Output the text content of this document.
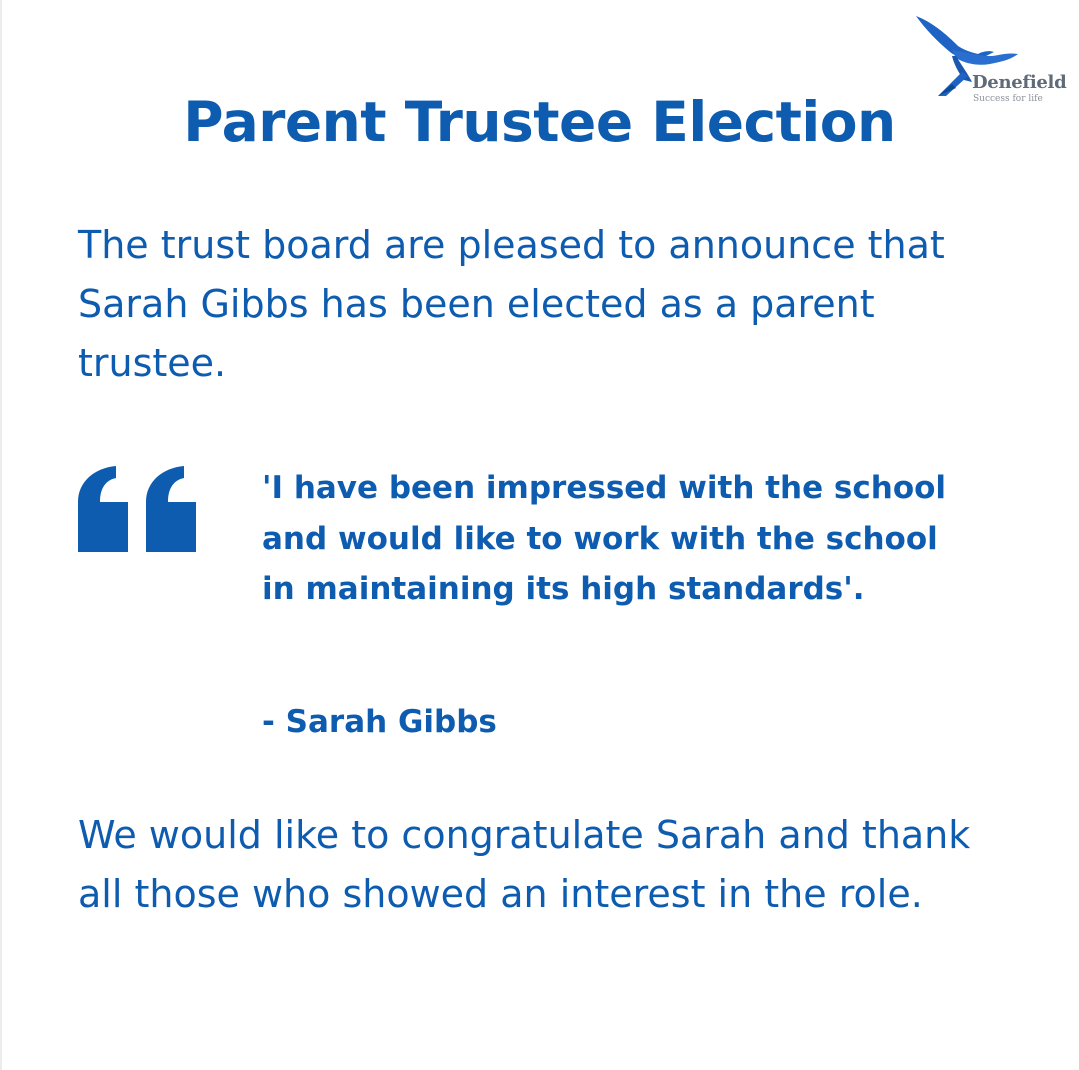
Denefield
Success for life
Parent Trustee Election
The trust board are pleased to announce that Sarah Gibbs has been elected as a parent trustee.
'I have been impressed with the school and would like to work with the school in maintaining its high standards'.
- Sarah Gibbs
We would like to congratulate Sarah and thank all those who showed an interest in the role.
